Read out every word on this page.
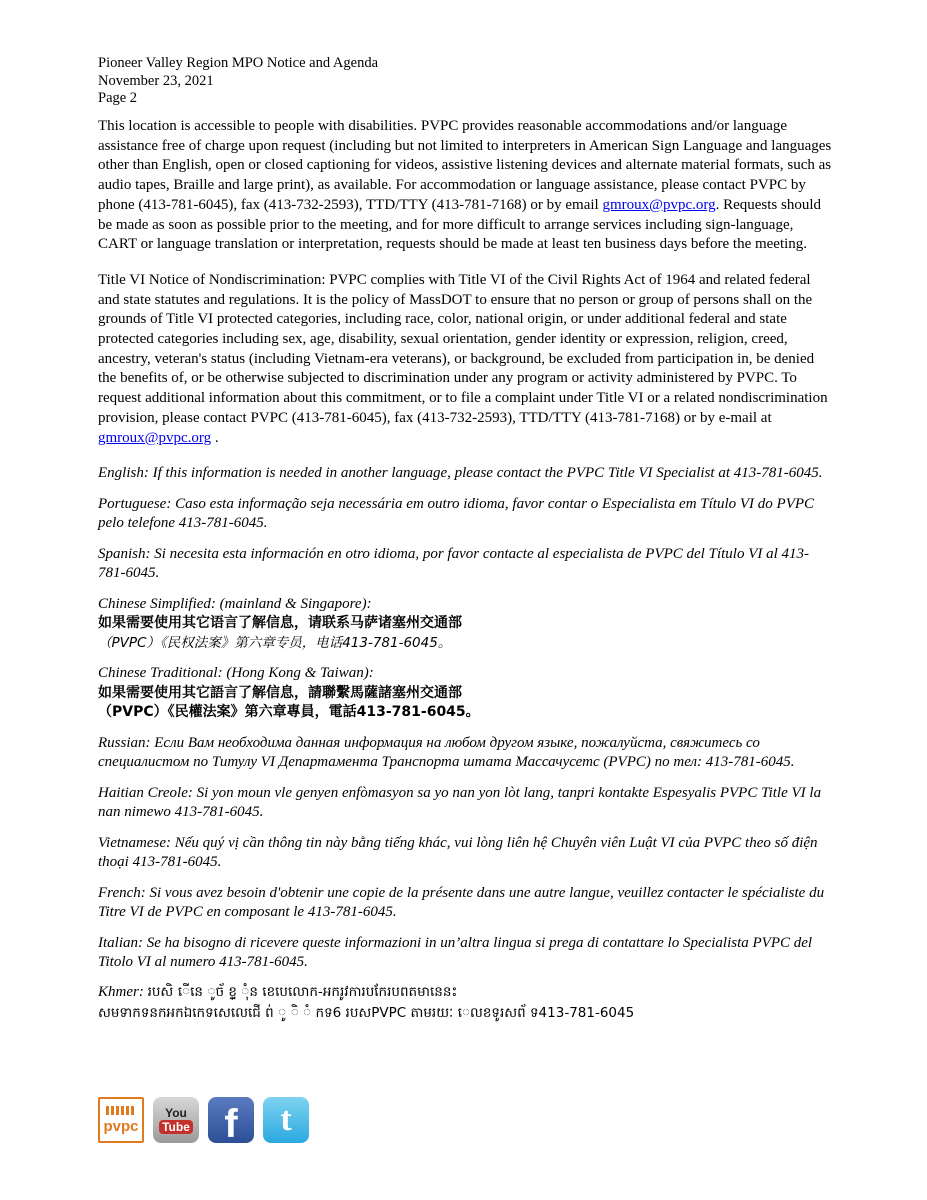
Pioneer Valley Region MPO Notice and Agenda
November 23, 2021
Page 2

This location is accessible to people with disabilities. PVPC provides reasonable accommodations and/or language assistance free of charge upon request (including but not limited to interpreters in American Sign Language and languages other than English, open or closed captioning for videos, assistive listening devices and alternate material formats, such as audio tapes, Braille and large print), as available. For accommodation or language assistance, please contact PVPC by phone (413-781-6045), fax (413-732-2593), TTD/TTY (413-781-7168) or by email gmroux@pvpc.org. Requests should be made as soon as possible prior to the meeting, and for more difficult to arrange services including sign-language, CART or language translation or interpretation, requests should be made at least ten business days before the meeting.

Title VI Notice of Nondiscrimination: PVPC complies with Title VI of the Civil Rights Act of 1964 and related federal and state statutes and regulations. It is the policy of MassDOT to ensure that no person or group of persons shall on the grounds of Title VI protected categories, including race, color, national origin, or under additional federal and state protected categories including sex, age, disability, sexual orientation, gender identity or expression, religion, creed, ancestry, veteran's status (including Vietnam-era veterans), or background, be excluded from participation in, be denied the benefits of, or be otherwise subjected to discrimination under any program or activity administered by PVPC. To request additional information about this commitment, or to file a complaint under Title VI or a related nondiscrimination provision, please contact PVPC (413-781-6045), fax (413-732-2593), TTD/TTY (413-781-7168) or by e-mail at gmroux@pvpc.org .

English: If this information is needed in another language, please contact the PVPC Title VI Specialist at 413-781-6045.

Portuguese: Caso esta informação seja necessária em outro idioma, favor contar o Especialista em Título VI do PVPC pelo telefone 413-781-6045.

Spanish: Si necesita esta información en otro idioma, por favor contacte al especialista de PVPC del Título VI al 413-781-6045.

Chinese Simplified: (mainland & Singapore):
如果需要使用其它语言了解信息，请联系马萨诸塞州交通部
（PVPC）《民权法案》第六章专员，电话413-781-6045。

Chinese Traditional: (Hong Kong & Taiwan):
如果需要使用其它語言了解信息，請聯繫馬薩諸塞州交通部
（PVPC）《民權法案》第六章專員，電話413-781-6045。

Russian: Если Вам необходима данная информация на любом другом языке, пожалуйста, свяжитесь со специалистом по Титулу VI Департамента Транспорта штата Массачусетс (PVPC) по тел: 413-781-6045.

Haitian Creole: Si yon moun vle genyen enfòmasyon sa yo nan yon lòt lang, tanpri kontakte Espesyalis PVPC Title VI la nan nimewo 413-781-6045.

Vietnamese: Nếu quý vị cần thông tin này bằng tiếng khác, vui lòng liên hệ Chuyên viên Luật VI của PVPC theo số điện thoại 413-781-6045.

French: Si vous avez besoin d'obtenir une copie de la présente dans une autre langue, veuillez contacter le spécialiste du Titre VI de PVPC en composant le 413-781-6045.

Italian: Se ha bisogno di ricevere queste informazioni in un’altra lingua si prega di contattare lo Specialista PVPC del Titolo VI al numero 413-781-6045.

Khmer: របសិ ើនេ ូច័ ខ្ទ្ ុំន ខេបេលោក-អករូវការបកែរបពតមានេនះ
សមទាកទនកអកឯកេទសេលេជើ ព់ ូ ិ ំ កទ6 របសPVPC តាមរយៈ េលខទូរសព័ ទ413-781-6045
pvpc
You
Tube f t
